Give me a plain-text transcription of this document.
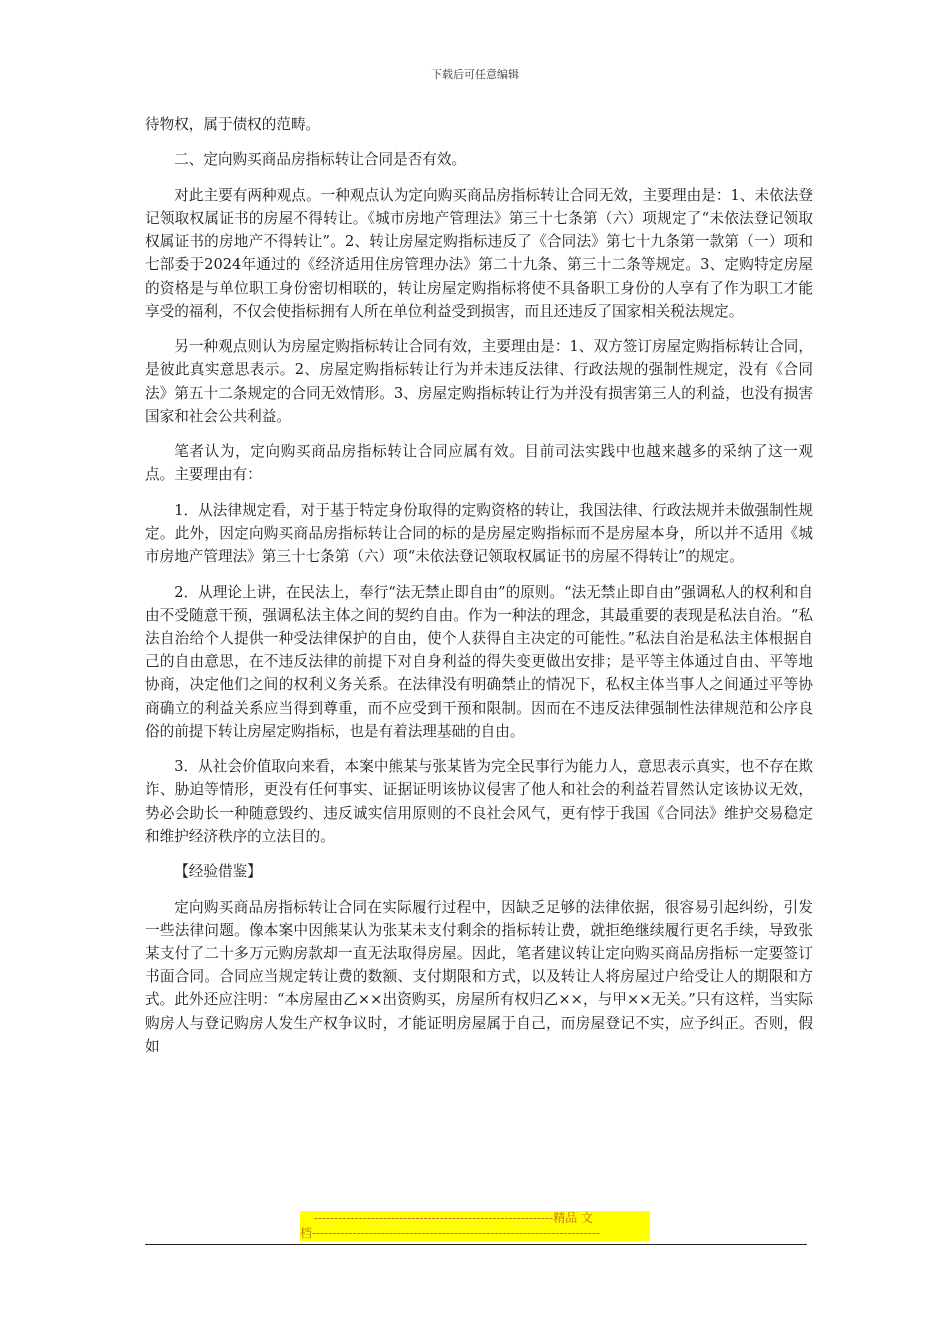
下载后可任意编辑

待物权，属于债权的范畴。

二、定向购买商品房指标转让合同是否有效。

对此主要有两种观点。一种观点认为定向购买商品房指标转让合同无效，主要理由是：1、未依法登记领取权属证书的房屋不得转让。《城市房地产管理法》第三十七条第（六）项规定了“未依法登记领取权属证书的房地产不得转让”。2、转让房屋定购指标违反了《合同法》第七十九条第一款第（一）项和七部委于2024年通过的《经济适用住房管理办法》第二十九条、第三十二条等规定。3、定购特定房屋的资格是与单位职工身份密切相联的，转让房屋定购指标将使不具备职工身份的人享有了作为职工才能享受的福利，不仅会使指标拥有人所在单位利益受到损害，而且还违反了国家相关税法规定。

另一种观点则认为房屋定购指标转让合同有效，主要理由是：1、双方签订房屋定购指标转让合同，是彼此真实意思表示。2、房屋定购指标转让行为并未违反法律、行政法规的强制性规定，没有《合同法》第五十二条规定的合同无效情形。3、房屋定购指标转让行为并没有损害第三人的利益，也没有损害国家和社会公共利益。

笔者认为，定向购买商品房指标转让合同应属有效。目前司法实践中也越来越多的采纳了这一观点。主要理由有：

1．从法律规定看，对于基于特定身份取得的定购资格的转让，我国法律、行政法规并未做强制性规定。此外，因定向购买商品房指标转让合同的标的是房屋定购指标而不是房屋本身，所以并不适用《城市房地产管理法》第三十七条第（六）项“未依法登记领取权属证书的房屋不得转让”的规定。

2．从理论上讲，在民法上，奉行“法无禁止即自由”的原则。“法无禁止即自由”强调私人的权利和自由不受随意干预，强调私法主体之间的契约自由。作为一种法的理念，其最重要的表现是私法自治。“私法自治给个人提供一种受法律保护的自由，使个人获得自主决定的可能性。”私法自治是私法主体根据自己的自由意思，在不违反法律的前提下对自身利益的得失变更做出安排；是平等主体通过自由、平等地协商，决定他们之间的权利义务关系。在法律没有明确禁止的情况下，私权主体当事人之间通过平等协商确立的利益关系应当得到尊重，而不应受到干预和限制。因而在不违反法律强制性法律规范和公序良俗的前提下转让房屋定购指标，也是有着法理基础的自由。

3．从社会价值取向来看，本案中熊某与张某皆为完全民事行为能力人，意思表示真实，也不存在欺诈、胁迫等情形，更没有任何事实、证据证明该协议侵害了他人和社会的利益若冒然认定该协议无效，势必会助长一种随意毁约、违反诚实信用原则的不良社会风气，更有悖于我国《合同法》维护交易稳定和维护经济秩序的立法目的。

【经验借鉴】

定向购买商品房指标转让合同在实际履行过程中，因缺乏足够的法律依据，很容易引起纠纷，引发一些法律问题。像本案中因熊某认为张某未支付剩余的指标转让费，就拒绝继续履行更名手续，导致张某支付了二十多万元购房款却一直无法取得房屋。因此，笔者建议转让定向购买商品房指标一定要签订书面合同。合同应当规定转让费的数额、支付期限和方式，以及转让人将房屋过户给受让人的期限和方式。此外还应注明：“本房屋由乙××出资购买，房屋所有权归乙××，与甲××无关。”只有这样，当实际购房人与登记购房人发生产权争议时，才能证明房屋属于自己，而房屋登记不实，应予纠正。否则，假如

-----------------------------------------------------------精品 文
档-----------------------------------------------------------------------
